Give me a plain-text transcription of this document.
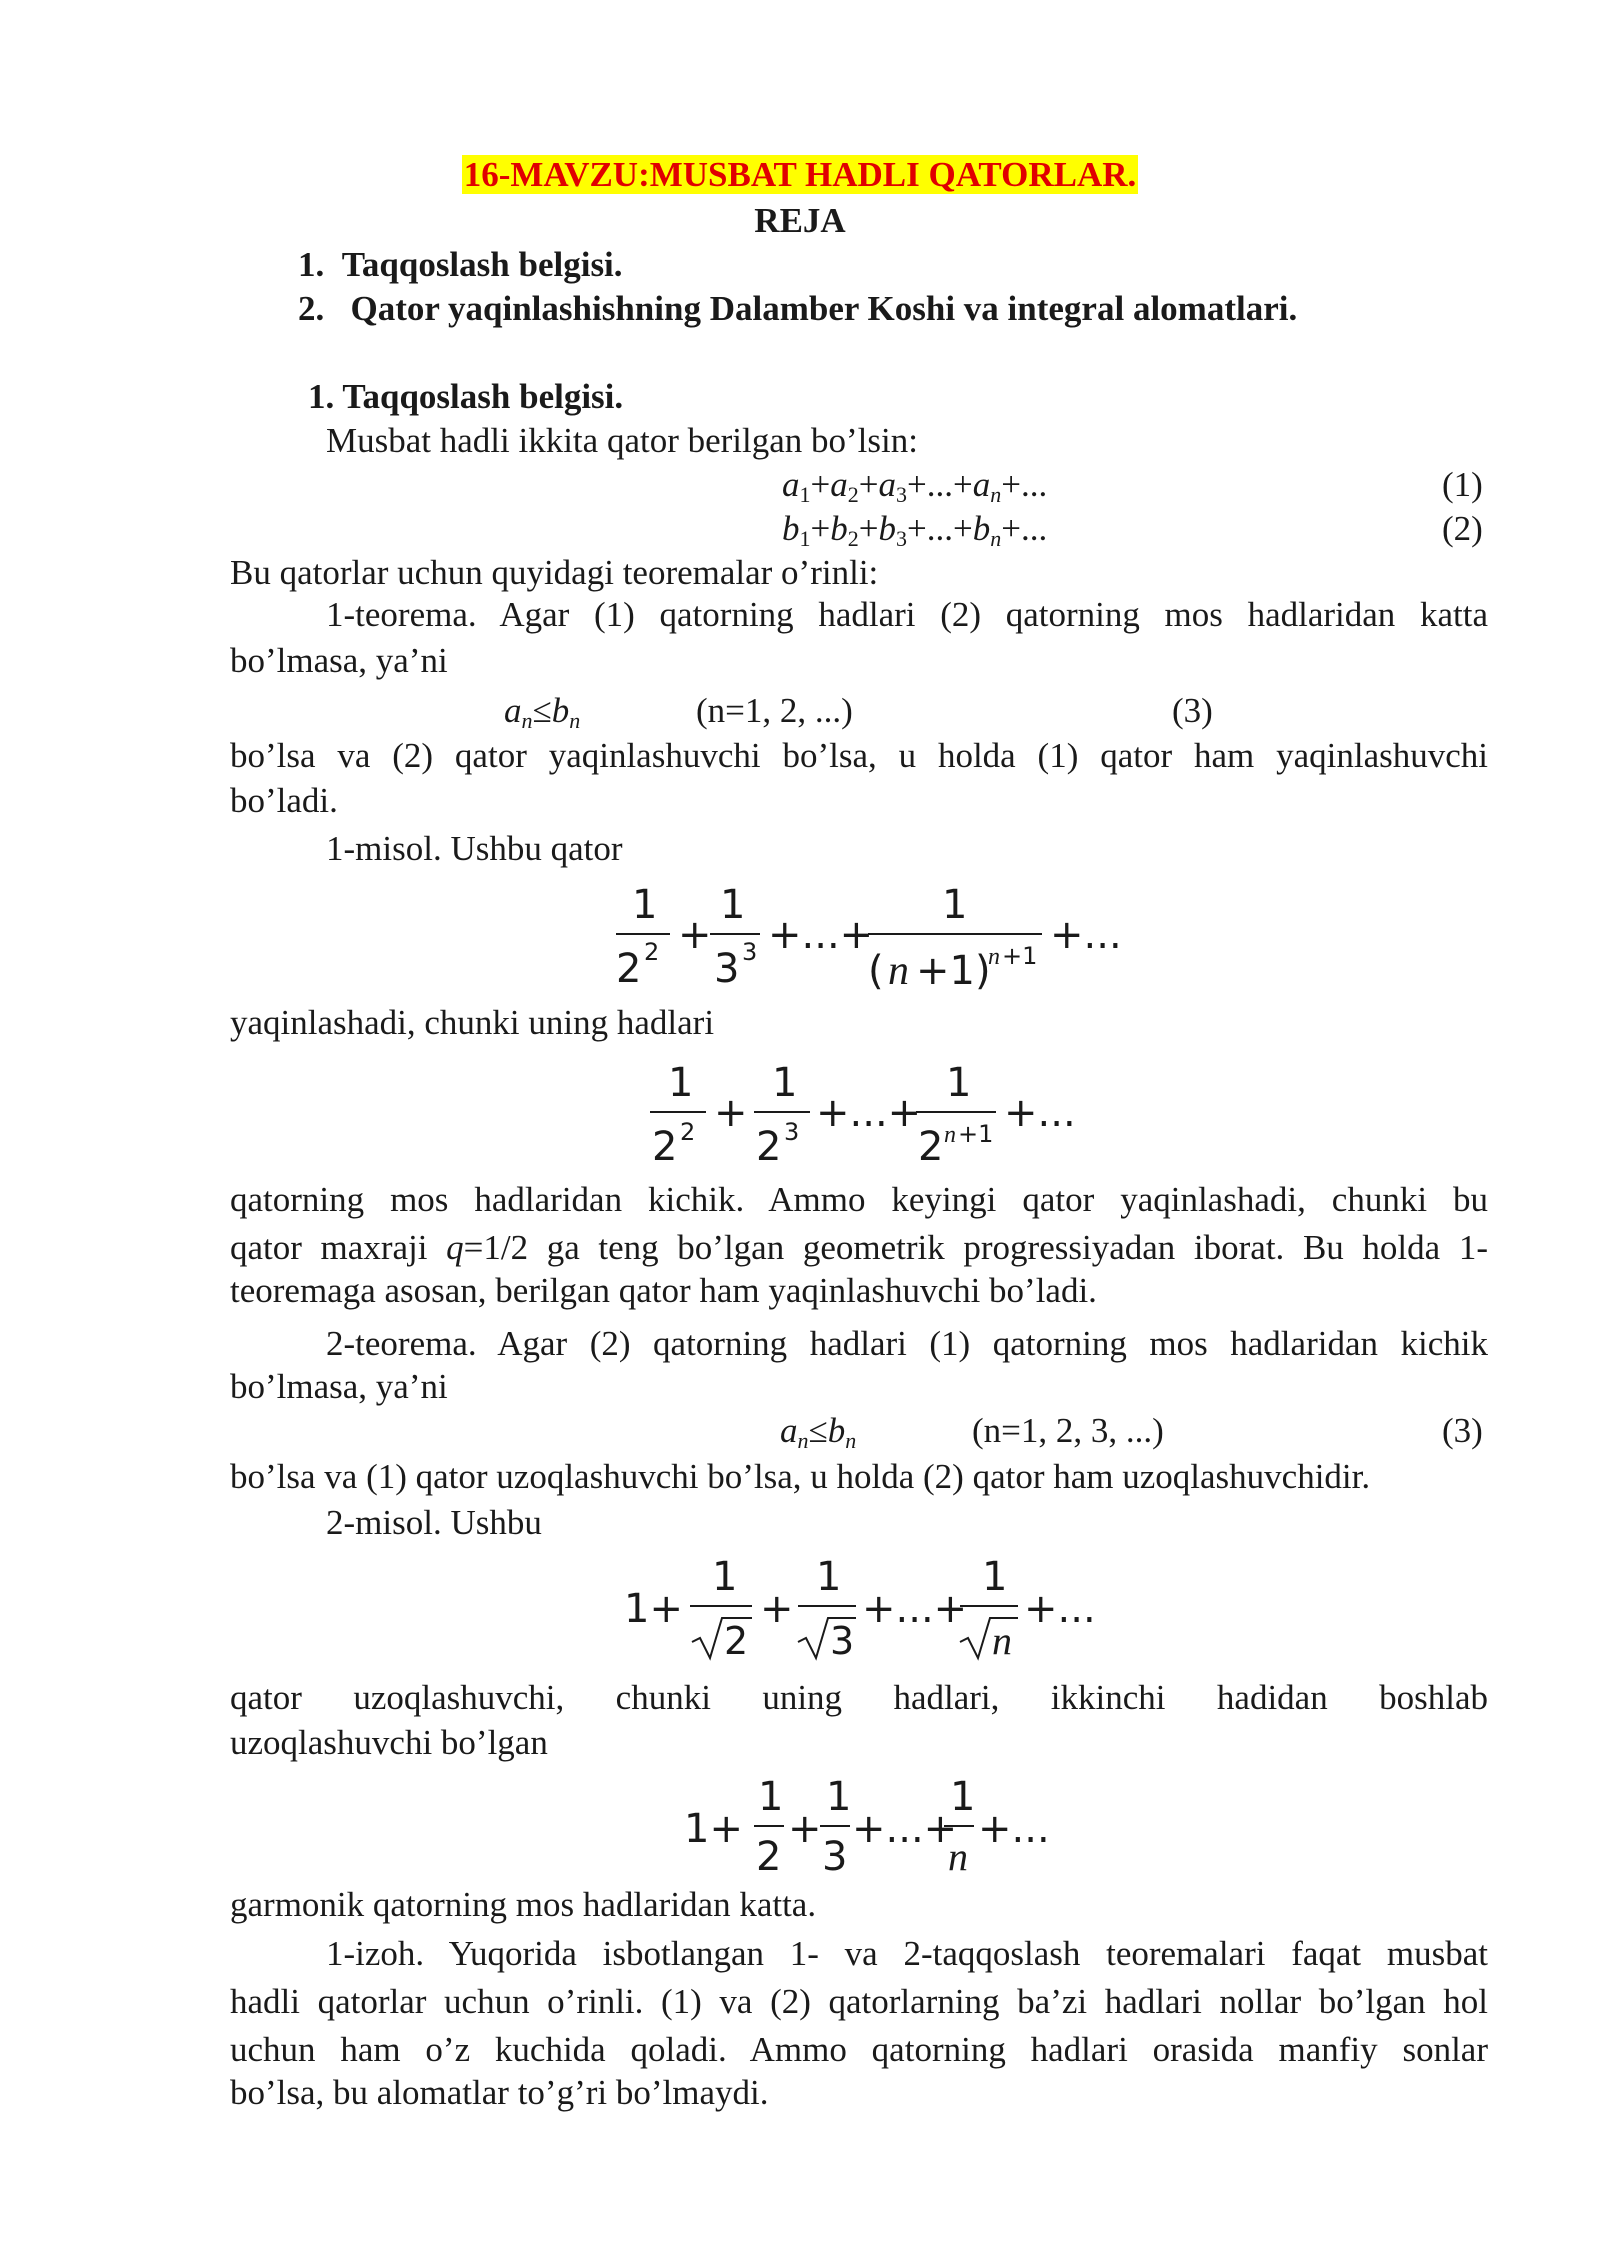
16-MAVZU:MUSBAT HADLI QATORLAR.
REJA
1. Taqqoslash belgisi.
2. Qator yaqinlashishning Dalamber Koshi va integral alomatlari.
1. Taqqoslash belgisi.
Musbat hadli ikkita qator berilgan bo’lsin:
$a_1+a_2+a_3+...+a_n+$...	(1)
$b_1+b_2+b_3+...+b_n+$...	(2)
Bu qatorlar uchun quyidagi teoremalar o’rinli:
1-teorema. Agar (1) qatorning hadlari (2) qatorning mos hadlaridan katta
bo’lmasa, ya’ni
$a_n\le b_n$	(n=1, 2, ...)	(3)
bo’lsa va (2) qator yaqinlashuvchi bo’lsa, u holda (1) qator ham yaqinlashuvchi
bo’ladi.
1-misol. Ushbu qator
1
2 2 +
1
3 3 +...+
1
( n +1)
n +1 +...
yaqinlashadi, chunki uning hadlari
1
2 2 +
1
2 3 +...+
1
2 n +1 +...
qatorning mos hadlaridan kichik. Ammo keyingi qator yaqinlashadi, chunki bu
qator maxraji q=1/2 ga teng bo’lgan geometrik progressiyadan iborat. Bu holda 1-
teoremaga asosan, berilgan qator ham yaqinlashuvchi bo’ladi.
2-teorema. Agar (2) qatorning hadlari (1) qatorning mos hadlaridan kichik
bo’lmasa, ya’ni
$a_n\le b_n$	(n=1, 2, 3, ...)	(3)
bo’lsa va (1) qator uzoqlashuvchi bo’lsa, u holda (2) qator ham uzoqlashuvchidir.
2-misol. Ushbu
1+
1
2
+
1
3
+...+
1
n
+...
qator uzoqlashuvchi, chunki uning hadlari, ikkinchi hadidan boshlab
uzoqlashuvchi bo’lgan
1+
1
2
+
1
3
+...+
1
n
+...
garmonik qatorning mos hadlaridan katta.
1-izoh. Yuqorida isbotlangan 1- va 2-taqqoslash teoremalari faqat musbat
hadli qatorlar uchun o’rinli. (1) va (2) qatorlarning ba’zi hadlari nollar bo’lgan hol
uchun ham o’z kuchida qoladi. Ammo qatorning hadlari orasida manfiy sonlar
bo’lsa, bu alomatlar to’g’ri bo’lmaydi.
